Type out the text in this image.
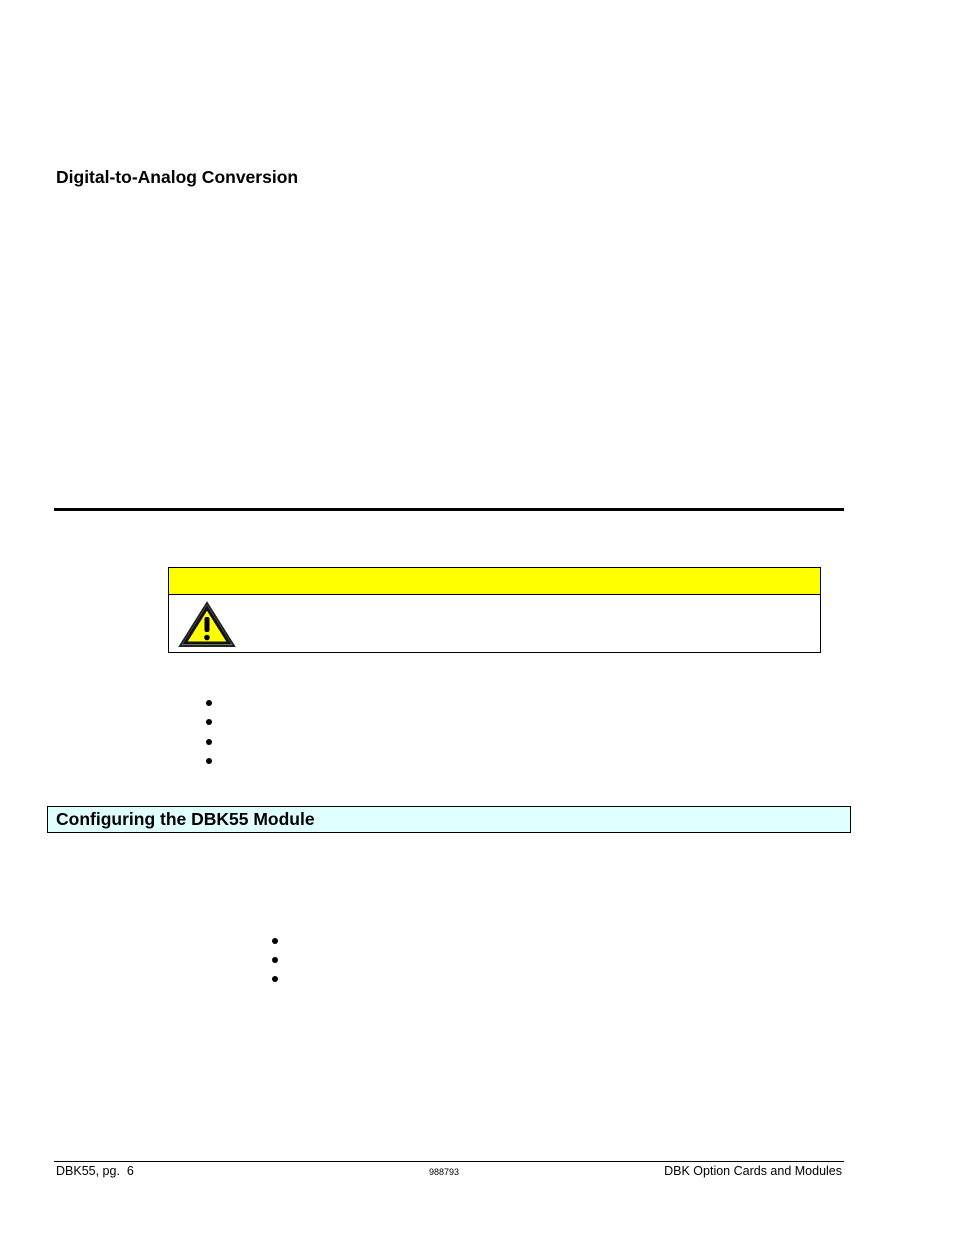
Digital-to-Analog Conversion
Configuring the DBK55 Module
DBK55, pg.  6	988793	DBK Option Cards and Modules
